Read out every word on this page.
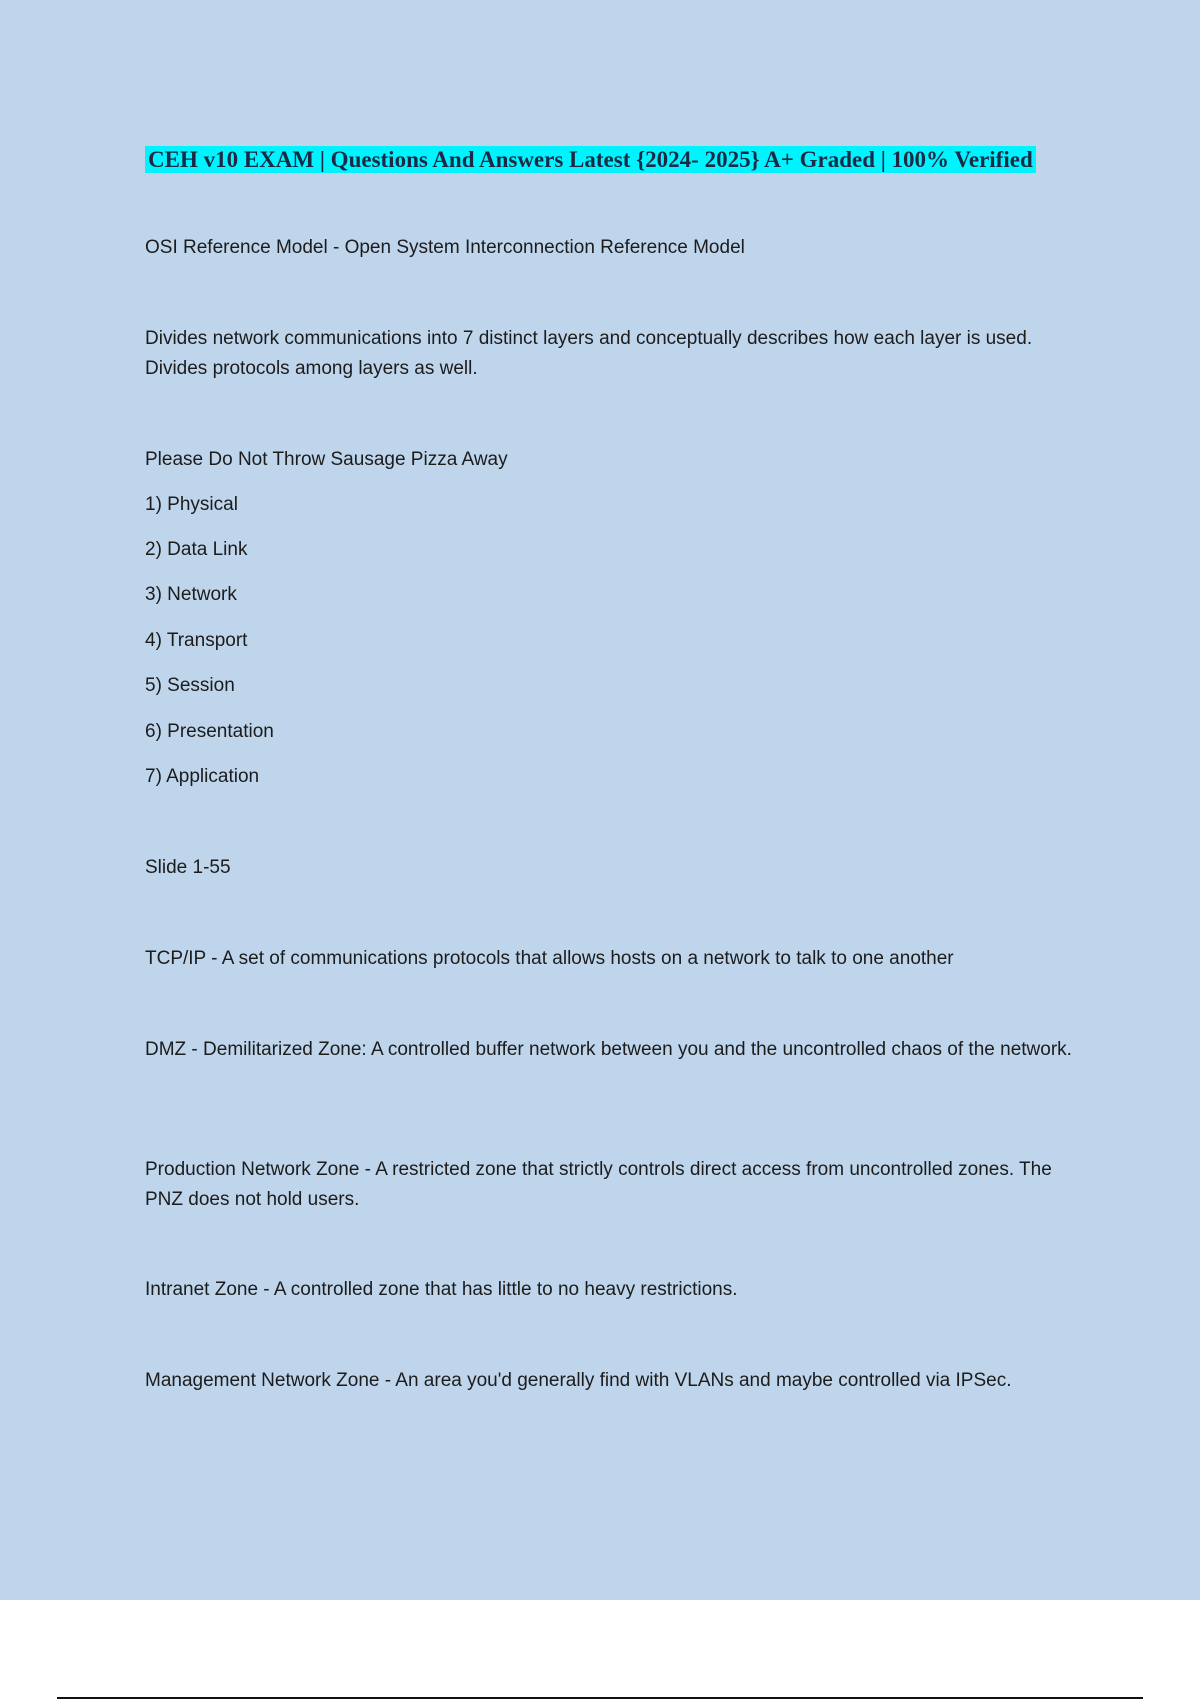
CEH v10 EXAM | Questions And Answers Latest {2024- 2025} A+ Graded | 100% Verified

OSI Reference Model - Open System Interconnection Reference Model

Divides network communications into 7 distinct layers and conceptually describes how each layer is used. Divides protocols among layers as well.

Please Do Not Throw Sausage Pizza Away

1) Physical

2) Data Link

3) Network

4) Transport

5) Session

6) Presentation

7) Application

Slide 1-55

TCP/IP - A set of communications protocols that allows hosts on a network to talk to one another

DMZ - Demilitarized Zone: A controlled buffer network between you and the uncontrolled chaos of the network.

Production Network Zone - A restricted zone that strictly controls direct access from uncontrolled zones. The PNZ does not hold users.

Intranet Zone - A controlled zone that has little to no heavy restrictions.

Management Network Zone - An area you'd generally find with VLANs and maybe controlled via IPSec.
